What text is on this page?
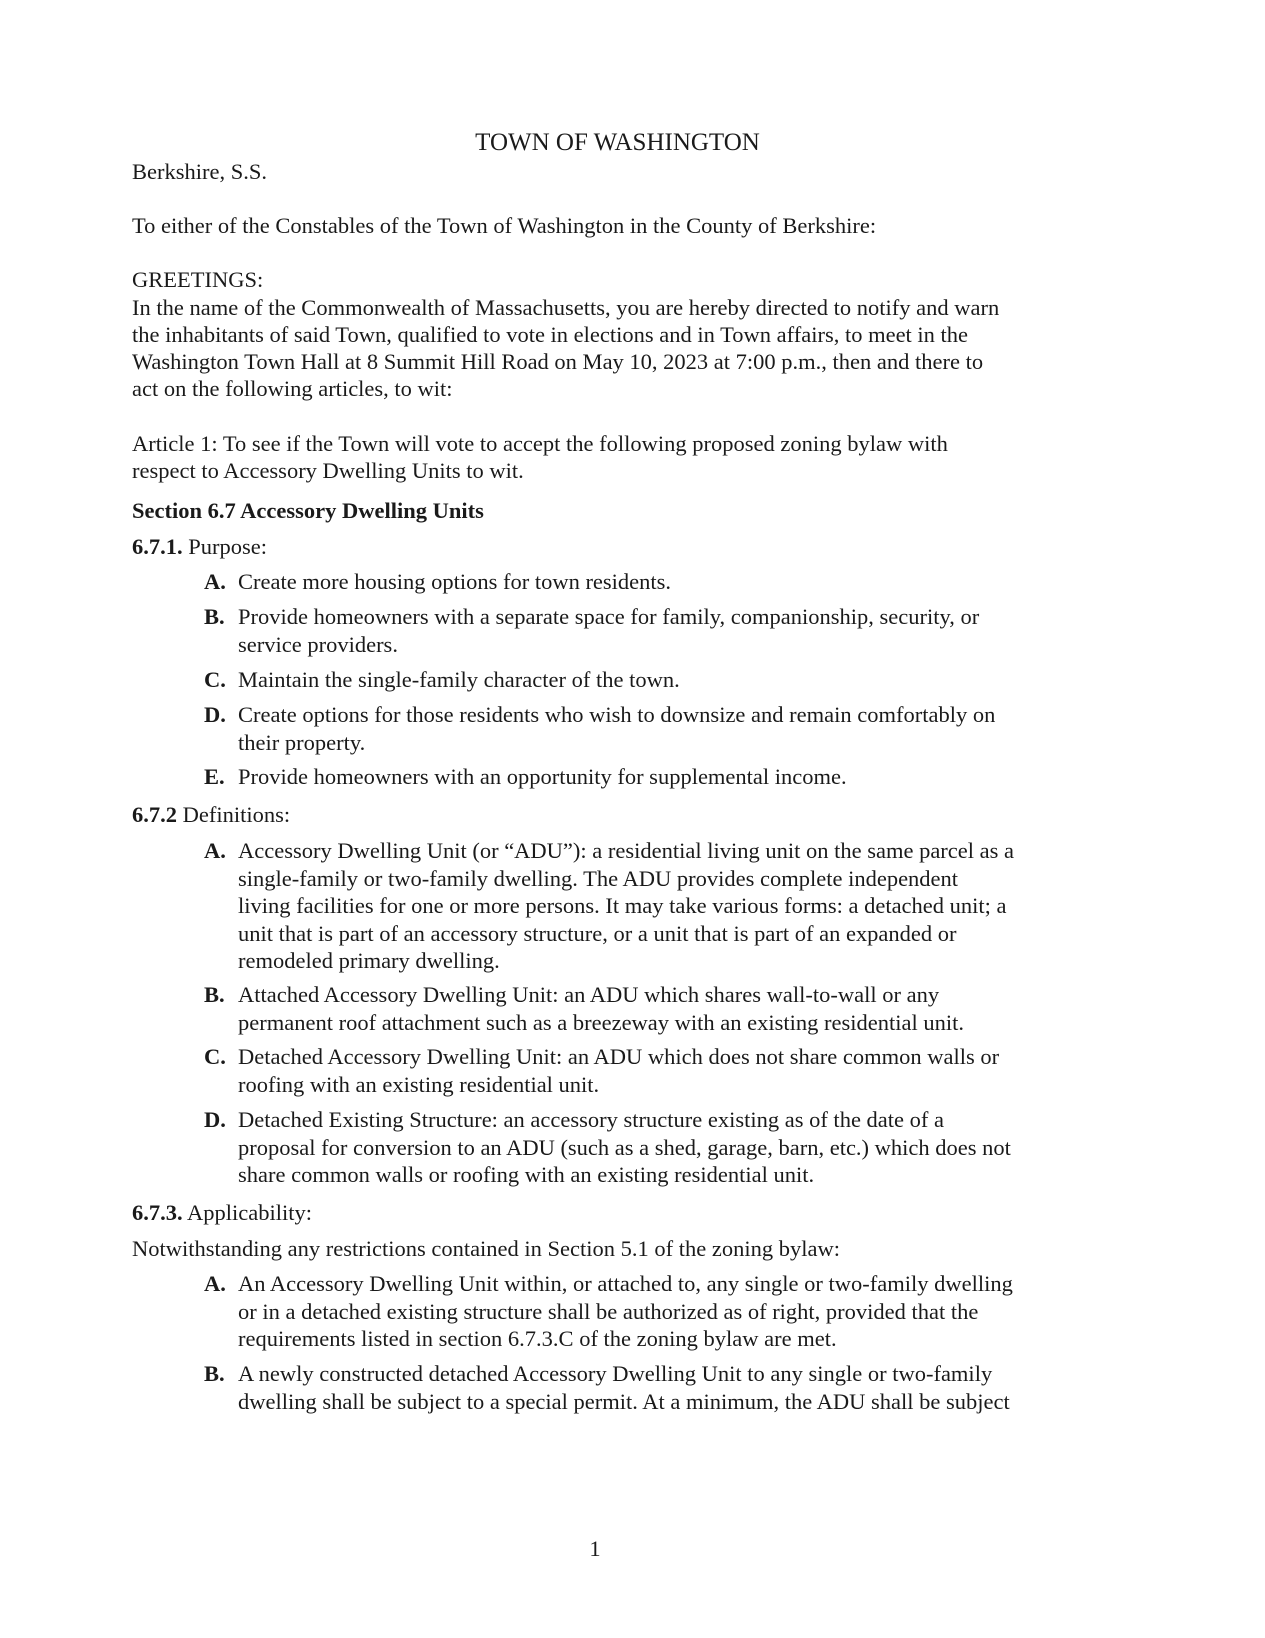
TOWN OF WASHINGTON
Berkshire, S.S.
To either of the Constables of the Town of Washington in the County of Berkshire:
GREETINGS:
In the name of the Commonwealth of Massachusetts, you are hereby directed to notify and warn
the inhabitants of said Town, qualified to vote in elections and in Town affairs, to meet in the
Washington Town Hall at 8 Summit Hill Road on May 10, 2023 at 7:00 p.m., then and there to
act on the following articles, to wit:
Article 1: To see if the Town will vote to accept the following proposed zoning bylaw with
respect to Accessory Dwelling Units to wit.
Section 6.7 Accessory Dwelling Units
6.7.1. Purpose:
A. Create more housing options for town residents.
B. Provide homeowners with a separate space for family, companionship, security, or
service providers.
C. Maintain the single-family character of the town.
D. Create options for those residents who wish to downsize and remain comfortably on
their property.
E. Provide homeowners with an opportunity for supplemental income.
6.7.2 Definitions:
A. Accessory Dwelling Unit (or “ADU”): a residential living unit on the same parcel as a
single-family or two-family dwelling. The ADU provides complete independent
living facilities for one or more persons. It may take various forms: a detached unit; a
unit that is part of an accessory structure, or a unit that is part of an expanded or
remodeled primary dwelling.
B. Attached Accessory Dwelling Unit: an ADU which shares wall-to-wall or any
permanent roof attachment such as a breezeway with an existing residential unit.
C. Detached Accessory Dwelling Unit: an ADU which does not share common walls or
roofing with an existing residential unit.
D. Detached Existing Structure: an accessory structure existing as of the date of a
proposal for conversion to an ADU (such as a shed, garage, barn, etc.) which does not
share common walls or roofing with an existing residential unit.
6.7.3. Applicability:
Notwithstanding any restrictions contained in Section 5.1 of the zoning bylaw:
A. An Accessory Dwelling Unit within, or attached to, any single or two-family dwelling
or in a detached existing structure shall be authorized as of right, provided that the
requirements listed in section 6.7.3.C of the zoning bylaw are met.
B. A newly constructed detached Accessory Dwelling Unit to any single or two-family
dwelling shall be subject to a special permit. At a minimum, the ADU shall be subject
1
